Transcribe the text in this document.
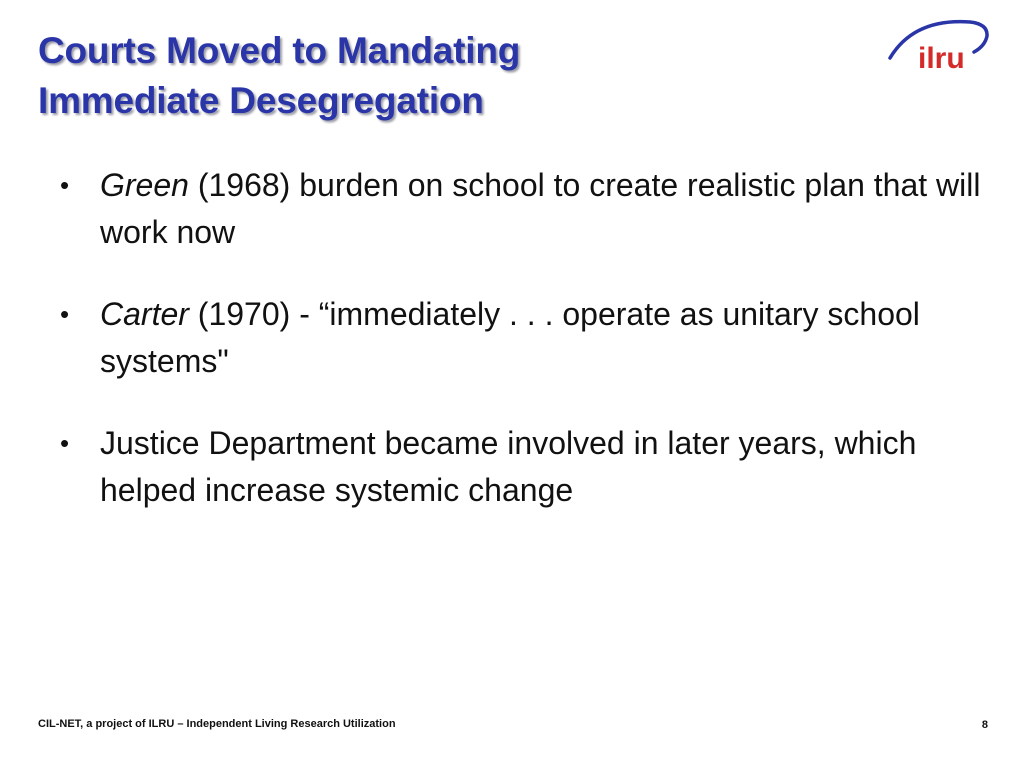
Courts Moved to Mandating
Immediate Desegregation
ilru
• Green (1968) burden on school to create realistic plan that will work now
• Carter (1970) - “immediately . . . operate as unitary school systems"
• Justice Department became involved in later years, which helped increase systemic change
CIL-NET, a project of ILRU – Independent Living Research Utilization	8
